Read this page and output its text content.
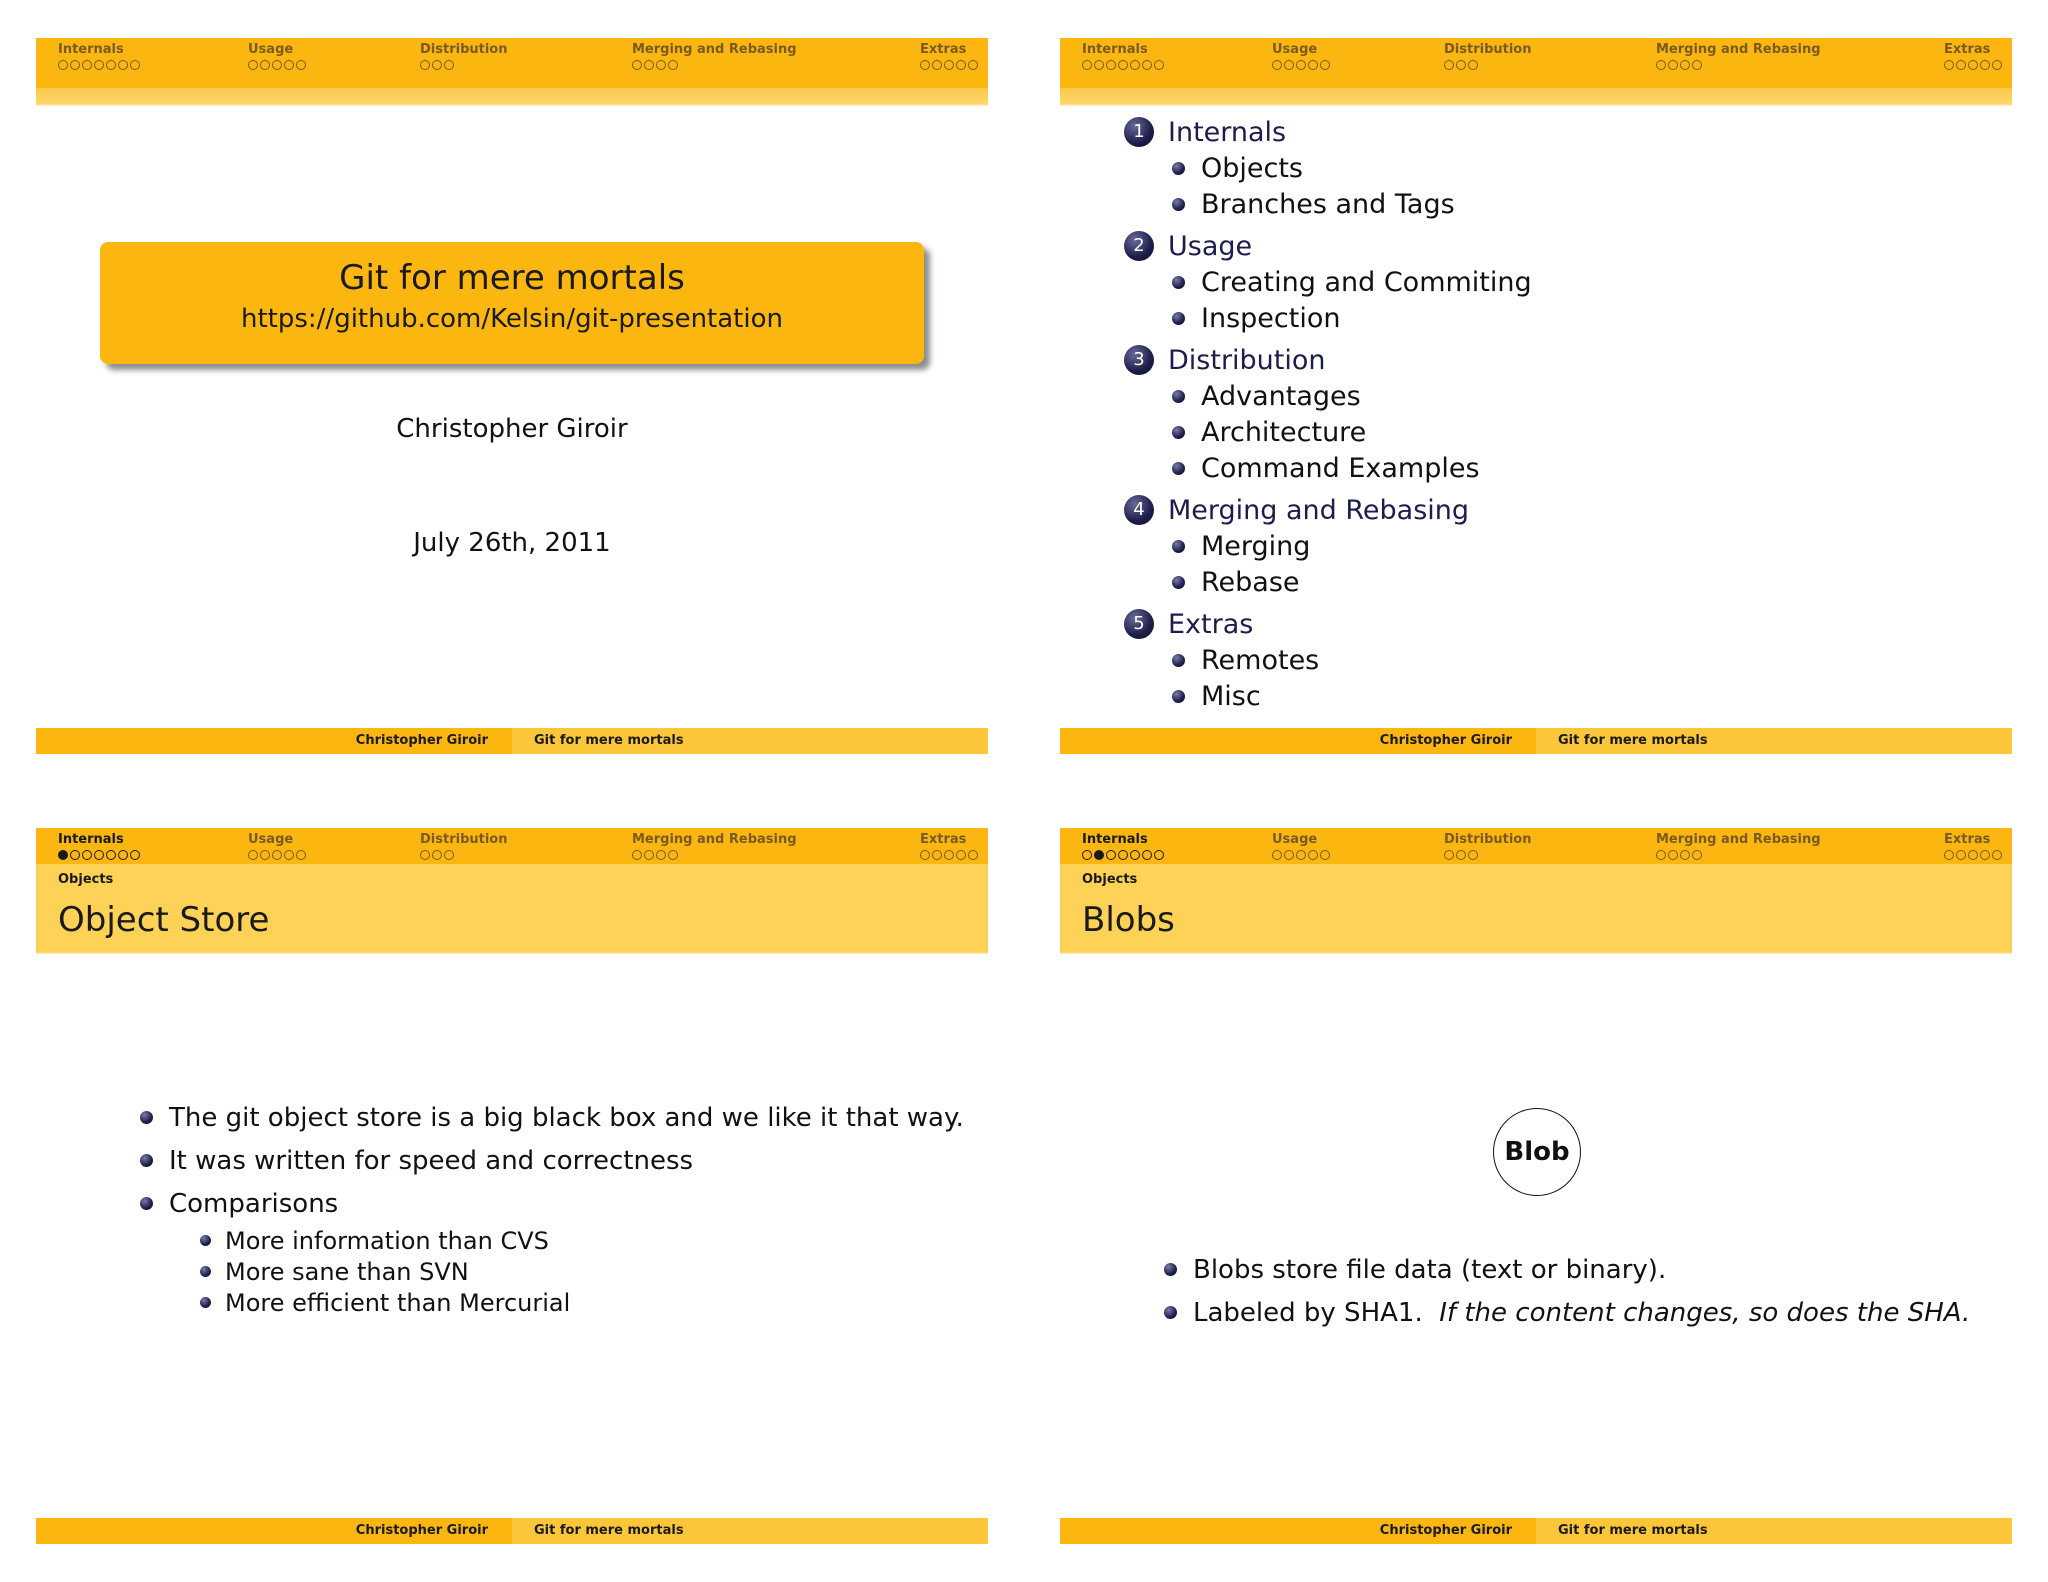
Internals	Usage	Distribution	Merging and Rebasing	Extras
Git for mere mortals
https://github.com/Kelsin/git-presentation
Christopher Giroir
July 26th, 2011
Christopher Giroir	Git for mere mortals
Internals	Usage	Distribution	Merging and Rebasing	Extras
1 Internals
Objects
Branches and Tags
2 Usage
Creating and Commiting
Inspection
3 Distribution
Advantages
Architecture
Command Examples
4 Merging and Rebasing
Merging
Rebase
5 Extras
Remotes
Misc
Christopher Giroir	Git for mere mortals
Internals	Usage	Distribution	Merging and Rebasing	Extras
Objects
Object Store
The git object store is a big black box and we like it that way.
It was written for speed and correctness
Comparisons
More information than CVS
More sane than SVN
More efficient than Mercurial
Christopher Giroir	Git for mere mortals
Internals	Usage	Distribution	Merging and Rebasing	Extras
Objects
Blobs
Blob
Blobs store file data (text or binary).
Labeled by SHA1.
If the content changes, so does the SHA.
Christopher Giroir	Git for mere mortals
